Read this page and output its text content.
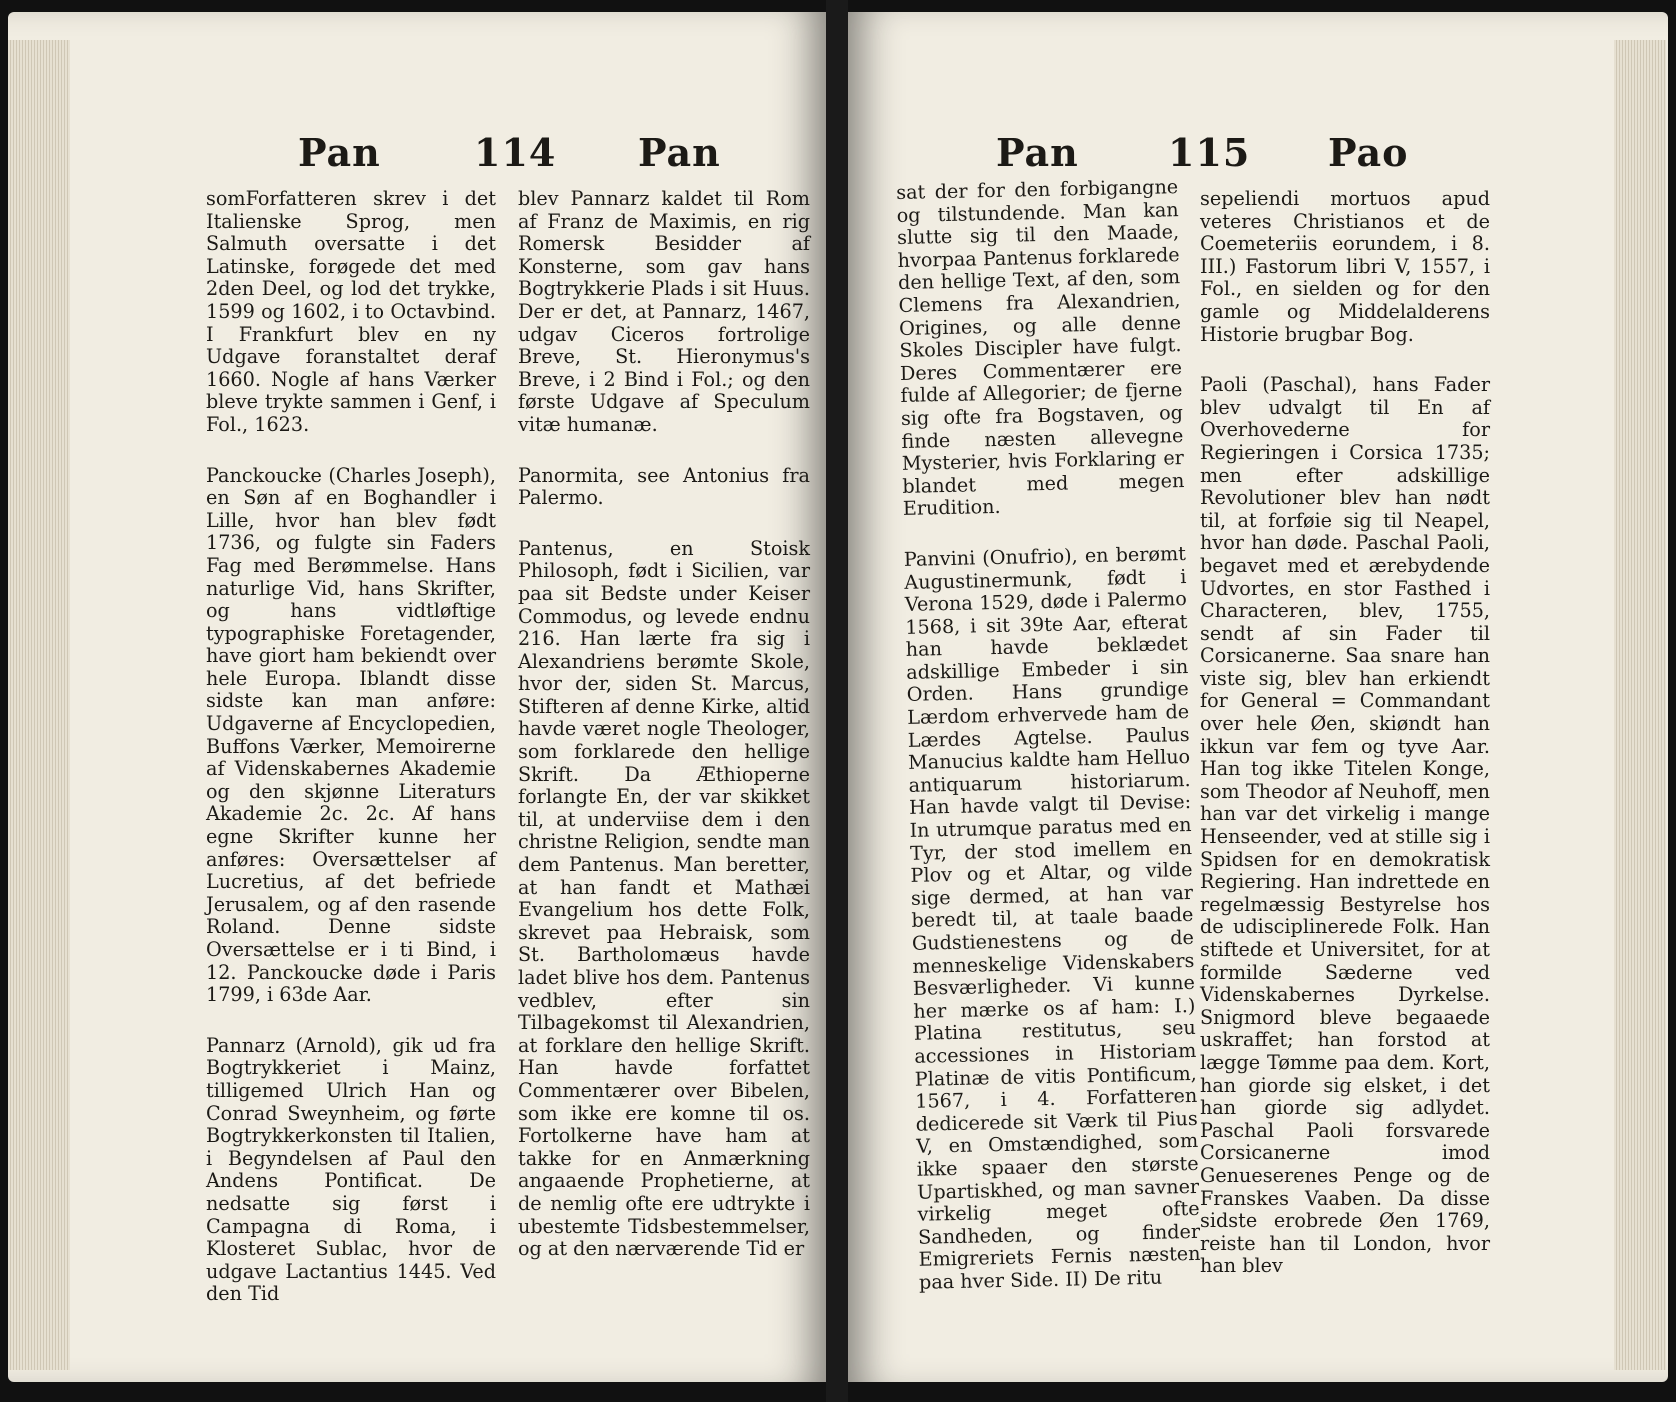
Pan 114 Pan

somForfatteren skrev i det Italienske Sprog, men Salmuth oversatte i det Latinske, forøgede det med 2den Deel, og lod det trykke, 1599 og 1602, i to Octavbind. I Frankfurt blev en ny Udgave foranstaltet deraf 1660. Nogle af hans Værker bleve trykte sammen i Genf, i Fol., 1623.

Panckoucke (Charles Joseph), en Søn af en Boghandler i Lille, hvor han blev født 1736, og fulgte sin Faders Fag med Berømmelse. Hans naturlige Vid, hans Skrifter, og hans vidtløftige typographiske Foretagender, have giort ham bekiendt over hele Europa. Iblandt disse sidste kan man anføre: Udgaverne af Encyclopedien, Buffons Værker, Memoirerne af Videnskabernes Akademie og den skjønne Literaturs Akademie 2c. 2c. Af hans egne Skrifter kunne her anføres: Oversættelser af Lucretius, af det befriede Jerusalem, og af den rasende Roland. Denne sidste Oversættelse er i ti Bind, i 12. Panckoucke døde i Paris 1799, i 63de Aar.

Pannarz (Arnold), gik ud fra Bogtrykkeriet i Mainz, tilligemed Ulrich Han og Conrad Sweynheim, og førte Bogtrykkerkonsten til Italien, i Begyndelsen af Paul den Andens Pontificat. De nedsatte sig først i Campagna di Roma, i Klosteret Sublac, hvor de udgave Lactantius 1445. Ved den Tid

blev Pannarz kaldet til Rom af Franz de Maximis, en rig Romersk Besidder af Konsterne, som gav hans Bogtrykkerie Plads i sit Huus. Der er det, at Pannarz, 1467, udgav Ciceros fortrolige Breve, St. Hieronymus's Breve, i 2 Bind i Fol.; og den første Udgave af Speculum vitæ humanæ.

Panormita, see Antonius fra Palermo.

Pantenus, en Stoisk Philosoph, født i Sicilien, var paa sit Bedste under Keiser Commodus, og levede endnu 216. Han lærte fra sig i Alexandriens berømte Skole, hvor der, siden St. Marcus, Stifteren af denne Kirke, altid havde været nogle Theologer, som forklarede den hellige Skrift. Da Æthioperne forlangte En, der var skikket til, at underviise dem i den christne Religion, sendte man dem Pantenus. Man beretter, at han fandt et Mathæi Evangelium hos dette Folk, skrevet paa Hebraisk, som St. Bartholomæus havde ladet blive hos dem. Pantenus vedblev, efter sin Tilbagekomst til Alexandrien, at forklare den hellige Skrift. Han havde forfattet Commentærer over Bibelen, som ikke ere komne til os. Fortolkerne have ham at takke for en Anmærkning angaaende Prophetierne, at de nemlig ofte ere udtrykte i ubestemte Tidsbestemmelser, og at den nærværende Tid er

Pan 115 Pao

sat der for den forbigangne og tilstundende. Man kan slutte sig til den Maade, hvorpaa Pantenus forklarede den hellige Text, af den, som Clemens fra Alexandrien, Origines, og alle denne Skoles Discipler have fulgt. Deres Commentærer ere fulde af Allegorier; de fjerne sig ofte fra Bogstaven, og finde næsten allevegne Mysterier, hvis Forklaring er blandet med megen Erudition.

Panvini (Onufrio), en berømt Augustinermunk, født i Verona 1529, døde i Palermo 1568, i sit 39te Aar, efterat han havde beklædet adskillige Embeder i sin Orden. Hans grundige Lærdom erhvervede ham de Lærdes Agtelse. Paulus Manucius kaldte ham Helluo antiquarum historiarum. Han havde valgt til Devise: In utrumque paratus med en Tyr, der stod imellem en Plov og et Altar, og vilde sige dermed, at han var beredt til, at taale baade Gudstienestens og de menneskelige Videnskabers Besværligheder. Vi kunne her mærke os af ham: I.) Platina restitutus, seu accessiones in Historiam Platinæ de vitis Pontificum, 1567, i 4. Forfatteren dedicerede sit Værk til Pius V, en Omstændighed, som ikke spaaer den største Upartiskhed, og man savner virkelig meget ofte Sandheden, og finder Emigreriets Fernis næsten paa hver Side. II) De ritu

sepeliendi mortuos apud veteres Christianos et de Coemeteriis eorundem, i 8. III.) Fastorum libri V, 1557, i Fol., en sielden og for den gamle og Middelalderens Historie brugbar Bog.

Paoli (Paschal), hans Fader blev udvalgt til En af Overhovederne for Regieringen i Corsica 1735; men efter adskillige Revolutioner blev han nødt til, at forføie sig til Neapel, hvor han døde. Paschal Paoli, begavet med et ærebydende Udvortes, en stor Fasthed i Characteren, blev, 1755, sendt af sin Fader til Corsicanerne. Saa snare han viste sig, blev han erkiendt for General = Commandant over hele Øen, skiøndt han ikkun var fem og tyve Aar. Han tog ikke Titelen Konge, som Theodor af Neuhoff, men han var det virkelig i mange Henseender, ved at stille sig i Spidsen for en demokratisk Regiering. Han indrettede en regelmæssig Bestyrelse hos de udisciplinerede Folk. Han stiftede et Universitet, for at formilde Sæderne ved Videnskabernes Dyrkelse. Snigmord bleve begaaede uskraffet; han forstod at lægge Tømme paa dem. Kort, han giorde sig elsket, i det han giorde sig adlydet. Paschal Paoli forsvarede Corsicanerne imod Genueserenes Penge og de Franskes Vaaben. Da disse sidste erobrede Øen 1769, reiste han til London, hvor han blev
